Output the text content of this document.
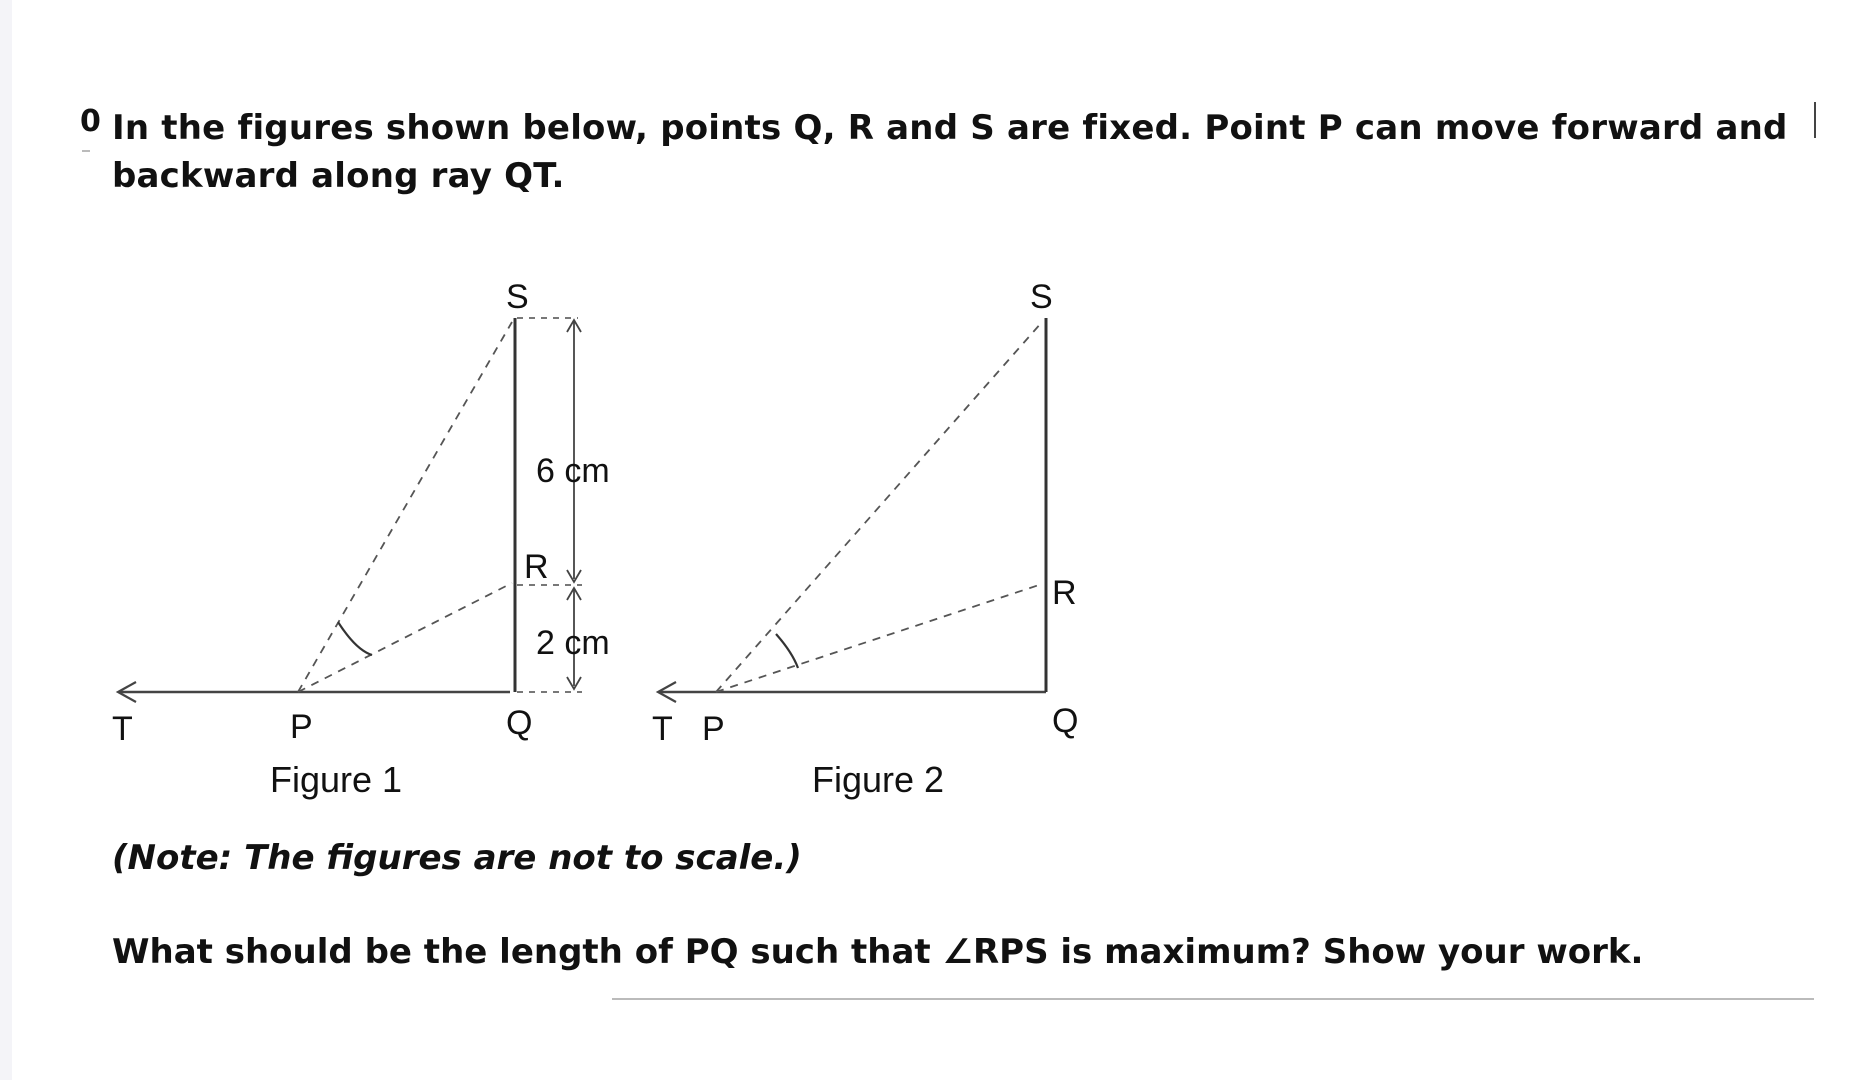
0 In the figures shown below, points Q, R and S are fixed. Point P can move forward and
backward along ray QT.
S
R
Q
P
T
6 cm
2 cm
Figure 1
S
R
Q
T P
Figure 2
(Note: The figures are not to scale.)
What should be the length of PQ such that ∠RPS is maximum? Show your work.
